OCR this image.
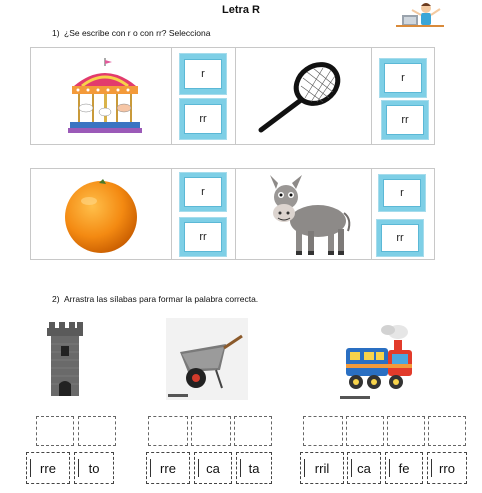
Letra R
1) ¿Se escribe con r o con rr? Selecciona
r
rr
r
rr
r
rr
r
rr
2) Arrastra las sílabas para formar la palabra correcta.
rre	to	rre	ca	ta	rril	ca	fe	rro
